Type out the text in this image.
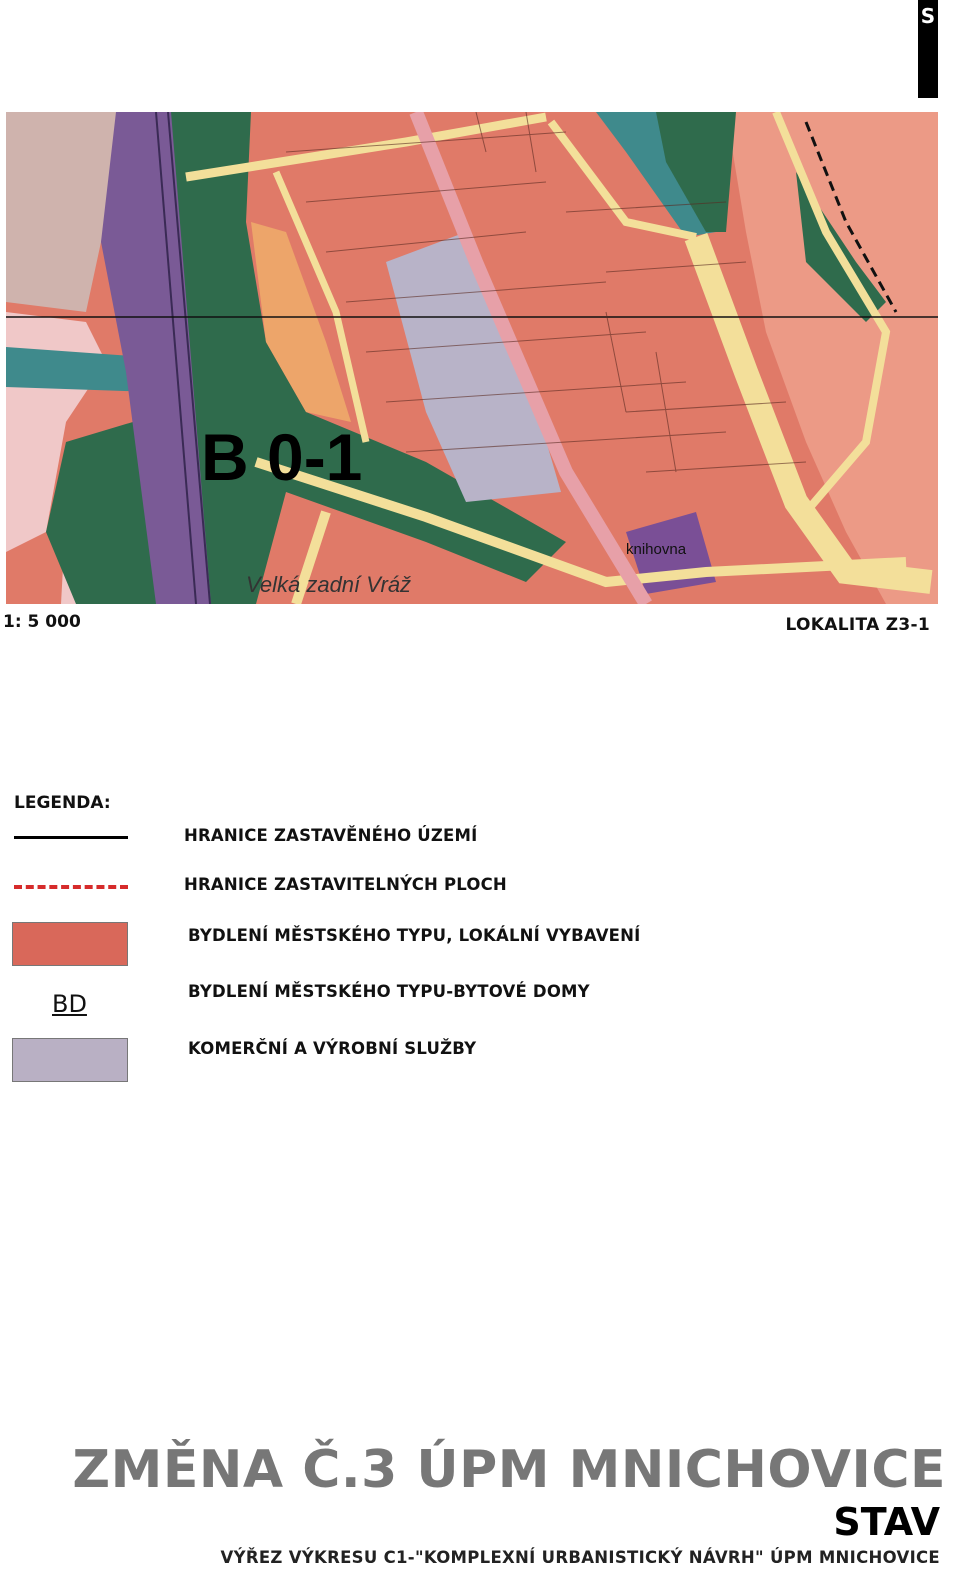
S
B 0-1
Velká zadní Vráž
knihovna
1: 5 000	LOKALITA Z3-1
LEGENDA:
HRANICE ZASTAVĚNÉHO ÚZEMÍ
HRANICE ZASTAVITELNÝCH PLOCH
BYDLENÍ MĚSTSKÉHO TYPU, LOKÁLNÍ VYBAVENÍ
BD	BYDLENÍ MĚSTSKÉHO TYPU-BYTOVÉ DOMY
KOMERČNÍ A VÝROBNÍ SLUŽBY
ZMĚNA Č.3 ÚPM MNICHOVICE
STAV
VÝŘEZ VÝKRESU C1-"KOMPLEXNÍ URBANISTICKÝ NÁVRH" ÚPM MNICHOVICE
